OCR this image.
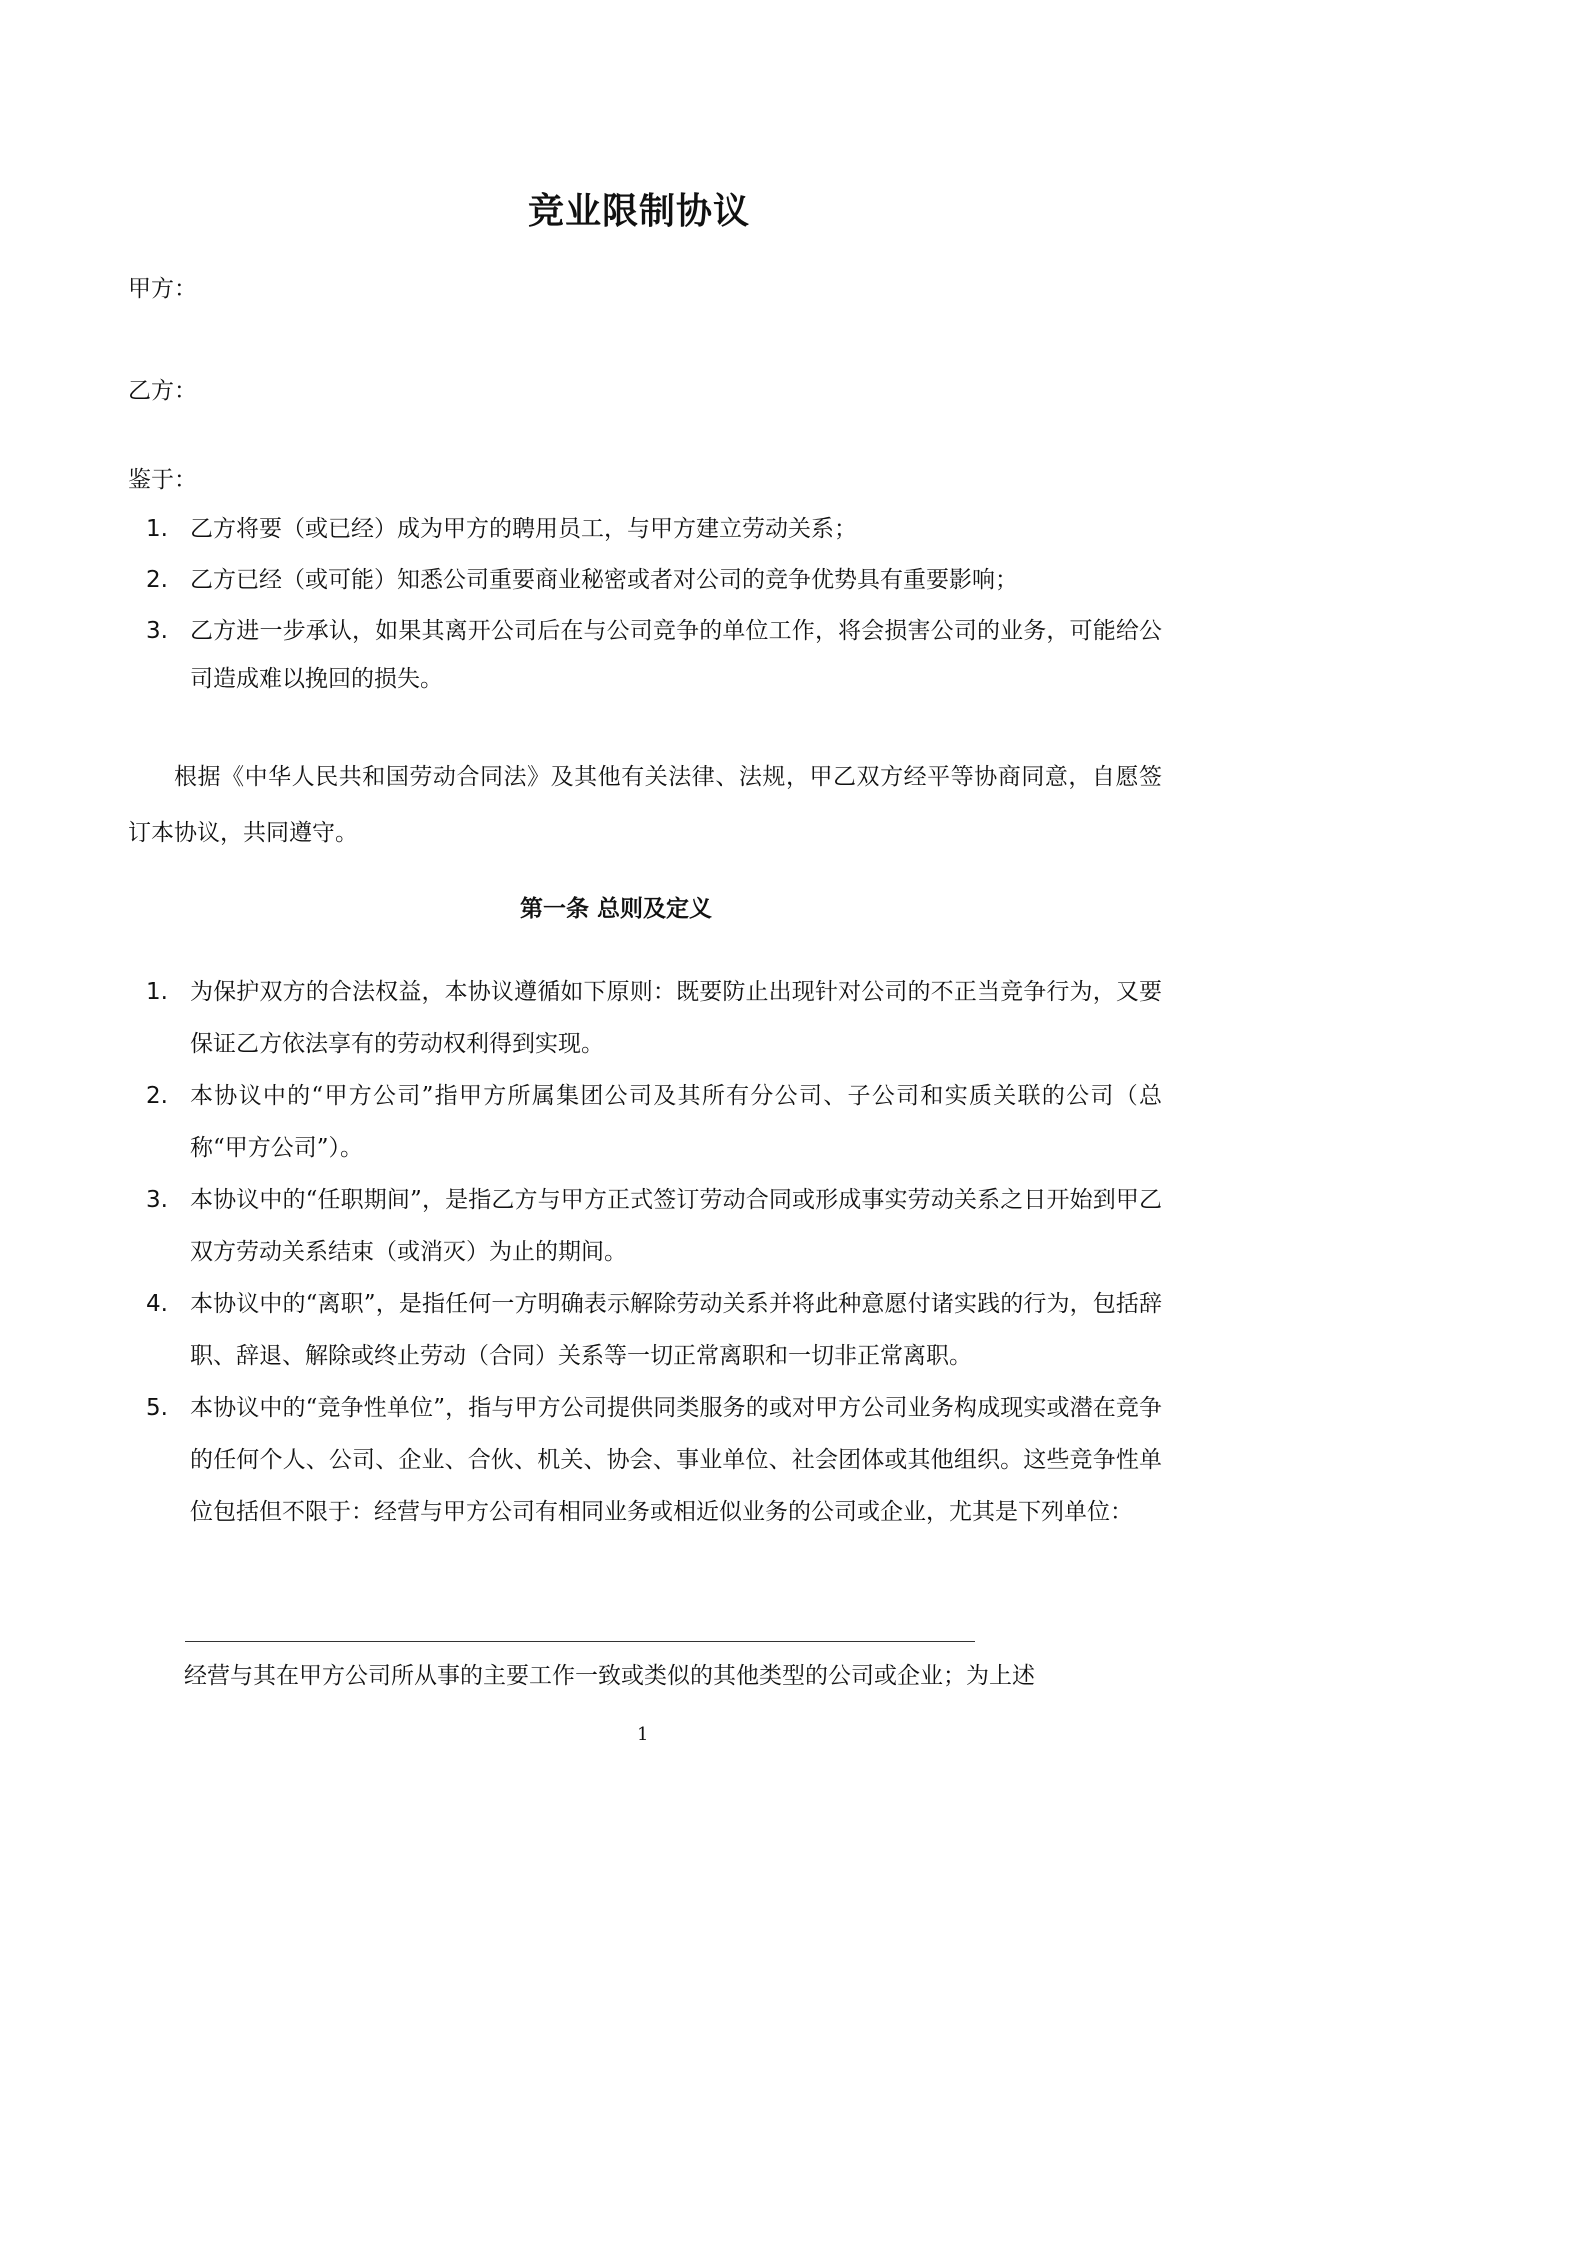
竞业限制协议
甲方：
乙方：
鉴于：
1. 乙方将要（或已经）成为甲方的聘用员工，与甲方建立劳动关系；
2. 乙方已经（或可能）知悉公司重要商业秘密或者对公司的竞争优势具有重要影响；
3. 乙方进一步承认，如果其离开公司后在与公司竞争的单位工作，将会损害公司的业务，可能给公司造成难以挽回的损失。

根据《中华人民共和国劳动合同法》及其他有关法律、法规，甲乙双方经平等协商同意，自愿签订本协议，共同遵守。

第一条 总则及定义
1. 为保护双方的合法权益，本协议遵循如下原则：既要防止出现针对公司的不正当竞争行为，又要保证乙方依法享有的劳动权利得到实现。
2. 本协议中的“甲方公司”指甲方所属集团公司及其所有分公司、子公司和实质关联的公司（总称“甲方公司”）。
3. 本协议中的“任职期间”，是指乙方与甲方正式签订劳动合同或形成事实劳动关系之日开始到甲乙双方劳动关系结束（或消灭）为止的期间。
4. 本协议中的“离职”，是指任何一方明确表示解除劳动关系并将此种意愿付诸实践的行为，包括辞职、辞退、解除或终止劳动（合同）关系等一切正常离职和一切非正常离职。
5. 本协议中的“竞争性单位”，指与甲方公司提供同类服务的或对甲方公司业务构成现实或潜在竞争的任何个人、公司、企业、合伙、机关、协会、事业单位、社会团体或其他组织。这些竞争性单位包括但不限于：经营与甲方公司有相同业务或相近似业务的公司或企业，尤其是下列单位：

经营与其在甲方公司所从事的主要工作一致或类似的其他类型的公司或企业；为上述

1
